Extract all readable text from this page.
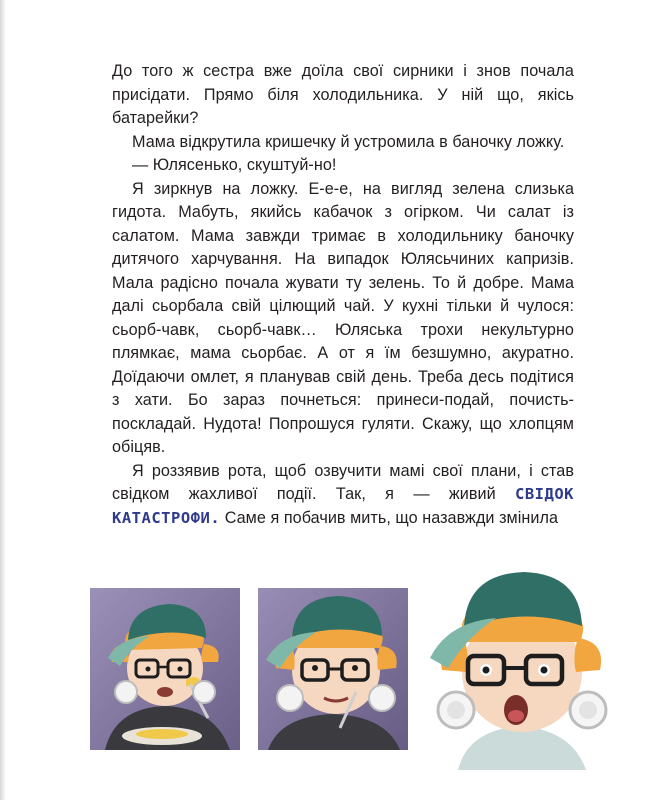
До того ж сестра вже доїла свої сирники і знов почала присідати. Прямо біля холодильника. У ній що, якісь батарейки?

Мама відкрутила кришечку й устромила в баночку ложку.

— Юлясенько, скуштуй-но!

Я зиркнув на ложку. Е-е-е, на вигляд зелена слизька гидота. Мабуть, якийсь кабачок з огірком. Чи салат із салатом. Мама завжди тримає в холодильнику баночку дитячого харчування. На випадок Юлясьчиних капризів. Мала радісно почала жувати ту зелень. То й добре. Мама далі сьорбала свій цілющий чай. У кухні тільки й чулося: сьорб-чавк, сьорб-чавк… Юляська трохи некультурно плямкає, мама сьорбає. А от я їм безшумно, акуратно. Доїдаючи омлет, я планував свій день. Треба десь подітися з хати. Бо зараз почнеться: принеси-подай, почисть-поскладай. Нудота! Попрошуся гуляти. Скажу, що хлопцям обіцяв.

Я роззявив рота, щоб озвучити мамі свої плани, і став свідком жахливої події. Так, я — живий СВІДОК КАТАСТРОФИ. Саме я побачив мить, що назавжди змінила
